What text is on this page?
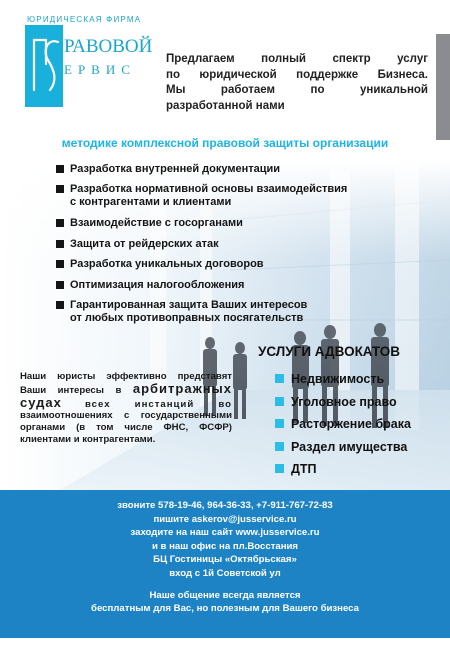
ЮРИДИЧЕСКАЯ ФИРМА
РАВОВОЙ
ЕРВИС
Предлагаем полный спектр услуг
по юридической поддержке Бизнеса.
Мы работаем по уникальной
разработанной нами
методике комплексной правовой защиты организации
Разработка внутренней документации
Разработка нормативной основы взаимодействия
с контрагентами и клиентами
Взаимодействие с госорганами
Защита от рейдерских атак
Разработка уникальных договоров
Оптимизация налогообложения
Гарантированная защита Ваших интересов
от любых противоправных посягательств
Наши юристы эффективно представят
Ваши интересы в арбитражных
судах всех инстанций во
взаимоотношениях с государственными
органами (в том числе ФНС, ФСФР)
клиентами и контрагентами.
УСЛУГИ АДВОКАТОВ
Недвижимость
Уголовное право
Расторжение брака
Раздел имущества
ДТП
звоните 578-19-46, 964-36-33, +7-911-767-72-83
пишите askerov@jusservice.ru
заходите на наш сайт www.jusservice.ru
и в наш офис на пл.Восстания
БЦ Гостиницы «Октябрьская»
вход с 1й Советской ул
Наше общение всегда является
бесплатным для Вас, но полезным для Вашего бизнеса
